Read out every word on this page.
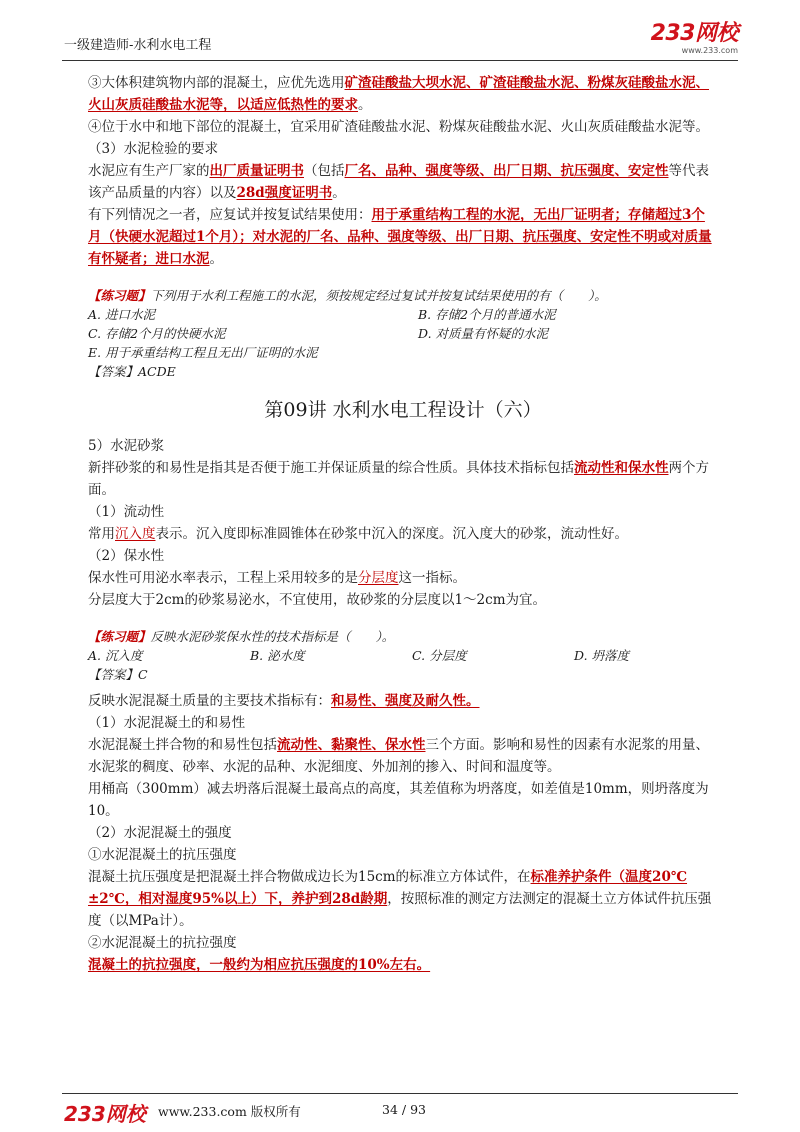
一级建造师-水利水电工程	233网校
www.233.com

③大体积建筑物内部的混凝土，应优先选用矿渣硅酸盐大坝水泥、矿渣硅酸盐水泥、粉煤灰硅酸盐水泥、火山灰质硅酸盐水泥等，以适应低热性的要求。

④位于水中和地下部位的混凝土，宜采用矿渣硅酸盐水泥、粉煤灰硅酸盐水泥、火山灰质硅酸盐水泥等。

（3）水泥检验的要求

水泥应有生产厂家的出厂质量证明书（包括厂名、品种、强度等级、出厂日期、抗压强度、安定性等代表该产品质量的内容）以及28d强度证明书。

有下列情况之一者，应复试并按复试结果使用：用于承重结构工程的水泥，无出厂证明者；存储超过3个月（快硬水泥超过1个月）；对水泥的厂名、品种、强度等级、出厂日期、抗压强度、安定性不明或对质量有怀疑者；进口水泥。

【练习题】下列用于水利工程施工的水泥，须按规定经过复试并按复试结果使用的有（　　）。
A. 进口水泥	B. 存储2个月的普通水泥
C. 存储2个月的快硬水泥	D. 对质量有怀疑的水泥
E. 用于承重结构工程且无出厂证明的水泥
【答案】ACDE
第09讲 水利水电工程设计（六）

5）水泥砂浆

新拌砂浆的和易性是指其是否便于施工并保证质量的综合性质。具体技术指标包括流动性和保水性两个方面。

（1）流动性

常用沉入度表示。沉入度即标准圆锥体在砂浆中沉入的深度。沉入度大的砂浆，流动性好。

（2）保水性

保水性可用泌水率表示，工程上采用较多的是分层度这一指标。

分层度大于2cm的砂浆易泌水，不宜使用，故砂浆的分层度以1～2cm为宜。

【练习题】反映水泥砂浆保水性的技术指标是（　　）。
A. 沉入度	B. 泌水度	C. 分层度	D. 坍落度
【答案】C

反映水泥混凝土质量的主要技术指标有：和易性、强度及耐久性。

（1）水泥混凝土的和易性

水泥混凝土拌合物的和易性包括流动性、黏聚性、保水性三个方面。影响和易性的因素有水泥浆的用量、水泥浆的稠度、砂率、水泥的品种、水泥细度、外加剂的掺入、时间和温度等。

用桶高（300mm）减去坍落后混凝土最高点的高度，其差值称为坍落度，如差值是10mm，则坍落度为10。

（2）水泥混凝土的强度

①水泥混凝土的抗压强度

混凝土抗压强度是把混凝土拌合物做成边长为15cm的标准立方体试件，在标准养护条件（温度20℃±2℃，相对湿度95%以上）下，养护到28d龄期，按照标准的测定方法测定的混凝土立方体试件抗压强度（以MPa计）。

②水泥混凝土的抗拉强度

混凝土的抗拉强度，一般约为相应抗压强度的10%左右。

233网校 www.233.com 版权所有	34 / 93
